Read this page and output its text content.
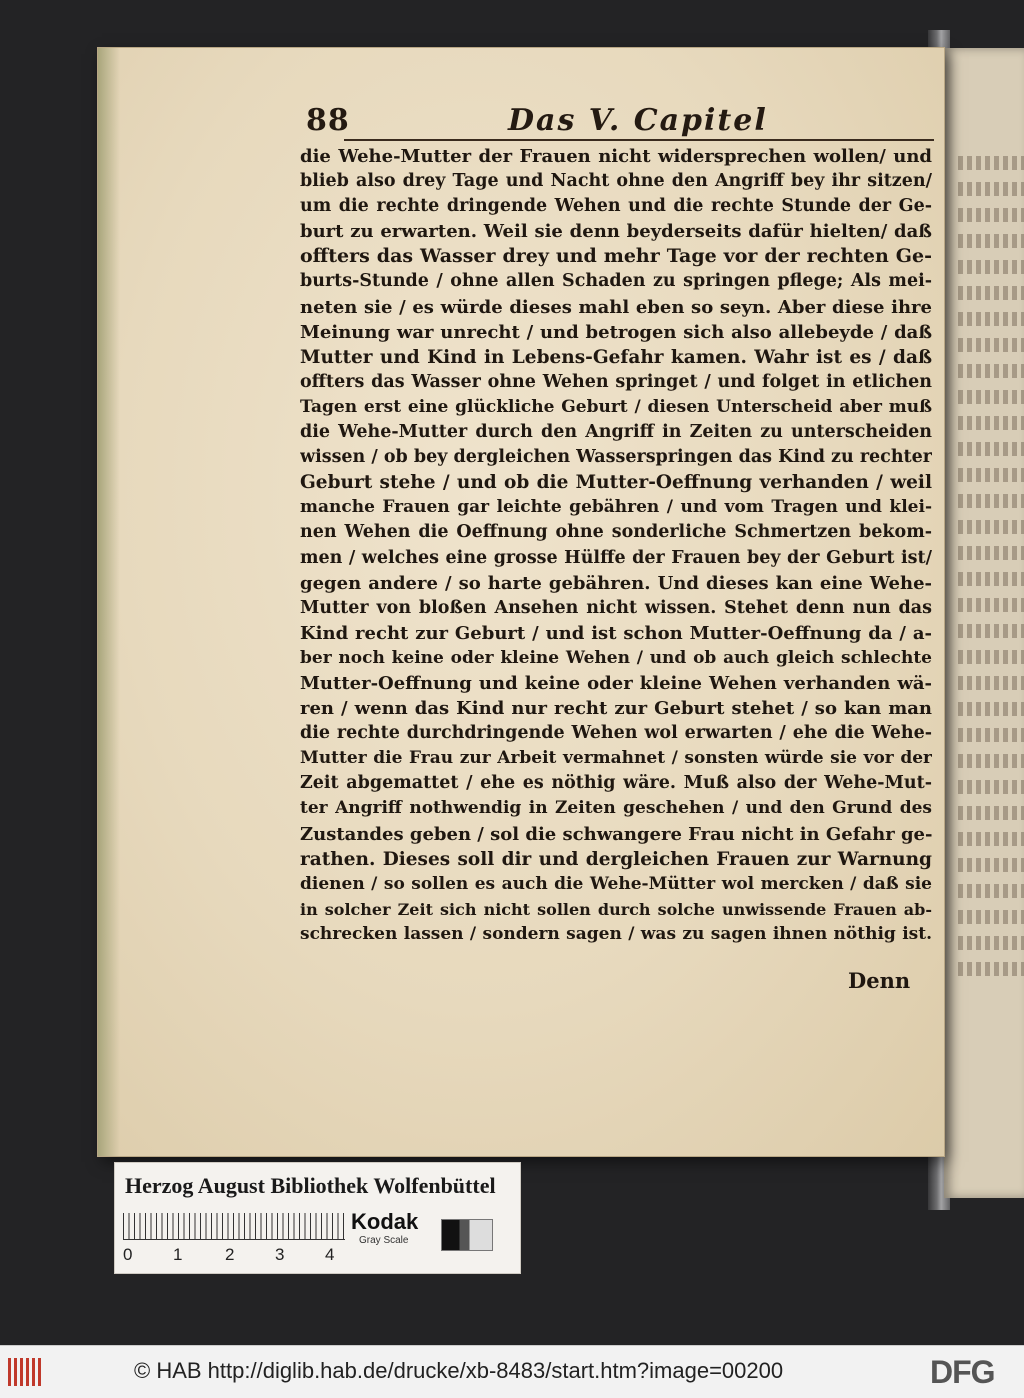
88	Das V. Capitel
die Wehe-Mutter der Frauen nicht widersprechen wollen/ und
blieb also drey Tage und Nacht ohne den Angriff bey ihr sitzen/
um die rechte dringende Wehen und die rechte Stunde der Ge-
burt zu erwarten. Weil sie denn beyderseits dafür hielten/ daß
offters das Wasser drey und mehr Tage vor der rechten Ge-
burts-Stunde / ohne allen Schaden zu springen pflege; Als mei-
neten sie / es würde dieses mahl eben so seyn. Aber diese ihre
Meinung war unrecht / und betrogen sich also allebeyde / daß
Mutter und Kind in Lebens-Gefahr kamen. Wahr ist es / daß
offters das Wasser ohne Wehen springet / und folget in etlichen
Tagen erst eine glückliche Geburt / diesen Unterscheid aber muß
die Wehe-Mutter durch den Angriff in Zeiten zu unterscheiden
wissen / ob bey dergleichen Wasserspringen das Kind zu rechter
Geburt stehe / und ob die Mutter-Oeffnung verhanden / weil
manche Frauen gar leichte gebähren / und vom Tragen und klei-
nen Wehen die Oeffnung ohne sonderliche Schmertzen bekom-
men / welches eine grosse Hülffe der Frauen bey der Geburt ist/
gegen andere / so harte gebähren. Und dieses kan eine Wehe-
Mutter von bloßen Ansehen nicht wissen. Stehet denn nun das
Kind recht zur Geburt / und ist schon Mutter-Oeffnung da / a-
ber noch keine oder kleine Wehen / und ob auch gleich schlechte
Mutter-Oeffnung und keine oder kleine Wehen verhanden wä-
ren / wenn das Kind nur recht zur Geburt stehet / so kan man
die rechte durchdringende Wehen wol erwarten / ehe die Wehe-
Mutter die Frau zur Arbeit vermahnet / sonsten würde sie vor der
Zeit abgemattet / ehe es nöthig wäre. Muß also der Wehe-Mut-
ter Angriff nothwendig in Zeiten geschehen / und den Grund des
Zustandes geben / sol die schwangere Frau nicht in Gefahr ge-
rathen. Dieses soll dir und dergleichen Frauen zur Warnung
dienen / so sollen es auch die Wehe-Mütter wol mercken / daß sie
in solcher Zeit sich nicht sollen durch solche unwissende Frauen ab-
schrecken lassen / sondern sagen / was zu sagen ihnen nöthig ist.
Denn
Herzog August Bibliothek Wolfenbüttel
0 1	2 3 4
Kodak
Gray Scale
© HAB http://diglib.hab.de/drucke/xb-8483/start.htm?image=00200	DFG
